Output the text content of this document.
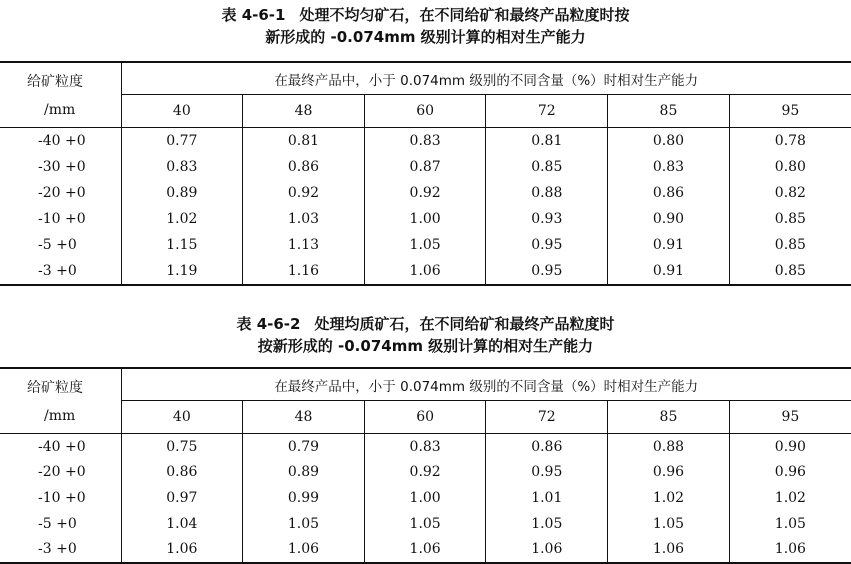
表 4-6-1 处理不均匀矿石，在不同给矿和最终产品粒度时按
新形成的 -0.074mm 级别计算的相对生产能力
给矿粒度
/mm	在最终产品中，小于 0.074mm 级别的不同含量（%）时相对生产能力					
	40	48	60	72	85	95
-40 +0	0.77	0.81	0.83	0.81	0.80	0.78
-30 +0	0.83	0.86	0.87	0.85	0.83	0.80
-20 +0	0.89	0.92	0.92	0.88	0.86	0.82
-10 +0	1.02	1.03	1.00	0.93	0.90	0.85
-5 +0	1.15	1.13	1.05	0.95	0.91	0.85
-3 +0	1.19	1.16	1.06	0.95	0.91	0.85
表 4-6-2 处理均质矿石，在不同给矿和最终产品粒度时
按新形成的 -0.074mm 级别计算的相对生产能力
给矿粒度
/mm	在最终产品中，小于 0.074mm 级别的不同含量（%）时相对生产能力					
	40	48	60	72	85	95
-40 +0	0.75	0.79	0.83	0.86	0.88	0.90
-20 +0	0.86	0.89	0.92	0.95	0.96	0.96
-10 +0	0.97	0.99	1.00	1.01	1.02	1.02
-5 +0	1.04	1.05	1.05	1.05	1.05	1.05
-3 +0	1.06	1.06	1.06	1.06	1.06	1.06
